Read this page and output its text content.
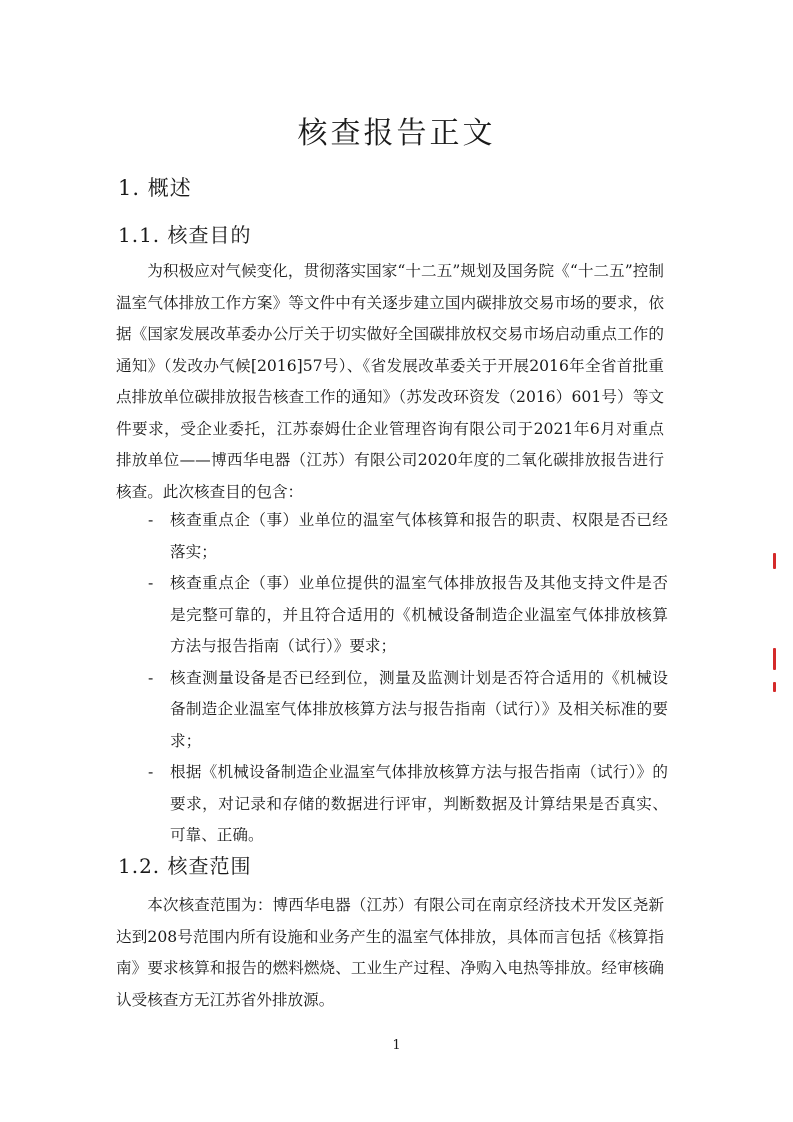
核查报告正文
1. 概述
1.1. 核查目的

为积极应对气候变化，贯彻落实国家“十二五”规划及国务院《“十二五”控制温室气体排放工作方案》等文件中有关逐步建立国内碳排放交易市场的要求，依据《国家发展改革委办公厅关于切实做好全国碳排放权交易市场启动重点工作的通知》（发改办气候[2016]57号）、《省发展改革委关于开展2016年全省首批重点排放单位碳排放报告核查工作的通知》（苏发改环资发（2016）601号）等文件要求，受企业委托，江苏泰姆仕企业管理咨询有限公司于2021年6月对重点排放单位——博西华电器（江苏）有限公司2020年度的二氧化碳排放报告进行核查。此次核查目的包含：

- 核查重点企（事）业单位的温室气体核算和报告的职责、权限是否已经落实；
- 核查重点企（事）业单位提供的温室气体排放报告及其他支持文件是否是完整可靠的，并且符合适用的《机械设备制造企业温室气体排放核算方法与报告指南（试行）》要求；
- 核查测量设备是否已经到位，测量及监测计划是否符合适用的《机械设备制造企业温室气体排放核算方法与报告指南（试行）》及相关标准的要求；
- 根据《机械设备制造企业温室气体排放核算方法与报告指南（试行）》的要求，对记录和存储的数据进行评审，判断数据及计算结果是否真实、可靠、正确。
1.2. 核查范围

本次核查范围为：博西华电器（江苏）有限公司在南京经济技术开发区尧新达到208号范围内所有设施和业务产生的温室气体排放，具体而言包括《核算指南》要求核算和报告的燃料燃烧、工业生产过程、净购入电热等排放。经审核确认受核查方无江苏省外排放源。

1
